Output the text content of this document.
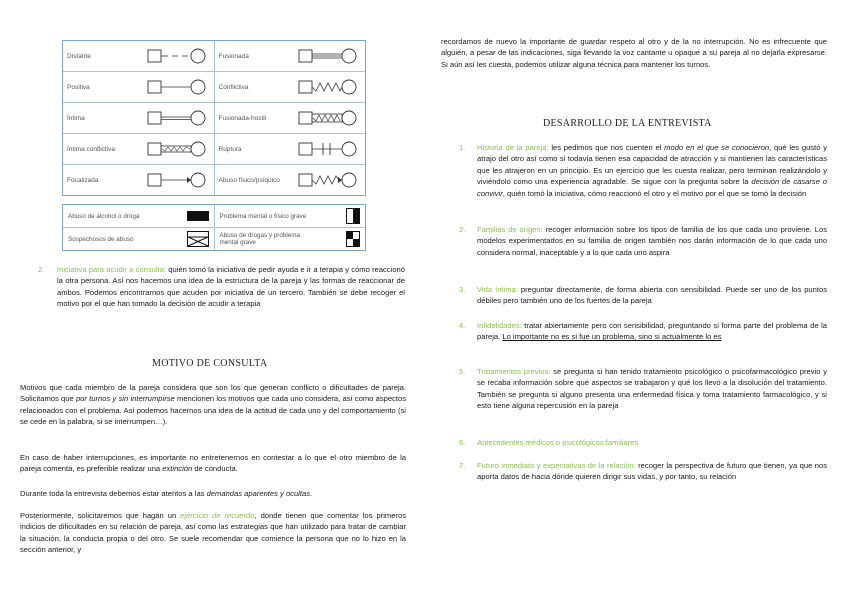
Distante	Fusionada
Positiva	Conflictiva
Íntima	Fusionada-hostil
Íntima conflictiva	Ruptura
Focalizada	Abuso físico/psíquico
Abuso de alcohol o droga	Problema mental o físico grave
Sospechosos de abuso	Abuso de drogas y problema mental grave
2. Iniciativa para acudir a consulta: quién tomó la iniciativa de pedir ayuda e ir a terapia y cómo reaccionó la otra persona. Así nos hacemos una idea de la estructura de la pareja y las formas de reaccionar de ambos. Podemos encontrarnos que acuden por iniciativa de un tercero. También se debe recoger el motivo por el que han tomado la decisión de acudir a terapia

MOTIVO DE CONSULTA

Motivos que cada miembro de la pareja considera que son los que generan conflicto o dificultades de pareja. Solicitamos que por turnos y sin interrumpirse mencionen los motivos que cada uno considera, así como aspectos relacionados con el problema. Así podemos hacernos una idea de la actitud de cada uno y del comportamiento (si se cede en la palabra, si se interrumpen…).

En caso de haber interrupciones, es importante no entretenernos en contestar a lo que el otro miembro de la pareja comenta, es preferible realizar una extinción de conducta.

Durante toda la entrevista debemos estar atentos a las demandas aparentes y ocultas.

Posteriormente, solicitaremos que hagan un ejercicio de recuerdo, donde tienen que comentar los primeros indicios de dificultades en su relación de pareja, así como las estrategias que han utilizado para tratar de cambiar la situación, la conducta propia o del otro. Se suele recomendar que comience la persona que no lo hizo en la sección anterior, y

recordamos de nuevo la importante de guardar respeto al otro y de la no interrupción. No es infrecuente que alguien, a pesar de las indicaciones, siga llevando la voz cantante u opaque a su pareja al no dejarla expresarse. Si aún así les cuesta, podemos utilizar alguna técnica para mantener los turnos.

DESARROLLO DE LA ENTREVISTA
1. Historia de la pareja: les pedimos que nos cuenten el modo en el que se conocieron, qué les gustó y atrajo del otro así como si todavía tienen esa capacidad de atracción y si mantienen las características que les atrajeron en un principio. Es un ejercicio que les cuesta realizar, pero terminan realizándolo y viviéndolo como una experiencia agradable. Se sigue con la pregunta sobre la decisión de casarse o convivir, quién tomó la iniciativa, cómo reaccionó el otro y el motivo por el que se tomó la decisión

2. Familias de origen: recoger información sobre los tipos de familia de los que cada uno proviene. Los modelos experimentados en su familia de origen también nos darán información de lo que cada uno considera normal, inaceptable y a lo que cada uno aspira

3. Vida íntima: preguntar directamente, de forma abierta con sensibilidad. Puede ser uno de los puntos débiles pero también uno de los fuertes de la pareja

4. Infidelidades: tratar abiertamente pero con sensibilidad, preguntando si forma parte del problema de la pareja. Lo importante no es si fue un problema, sino si actualmente lo es

5. Tratamientos previos: se pregunta si han tenido tratamiento psicológico o psicofarmacológico previo y se recaba información sobre qué aspectos se trabajaron y qué los llevó a la disolución del tratamiento. También se pregunta si alguno presenta una enfermedad física y toma tratamiento farmacológico, y si esto tiene alguna repercusión en la pareja

6. Antecedentes médicos o psicológicos familiares

7. Futuro inmediato y expectativas de la relación: recoger la perspectiva de futuro que tienen, ya que nos aporta datos de hacia dónde quieren dirigir sus vidas, y por tanto, su relación
